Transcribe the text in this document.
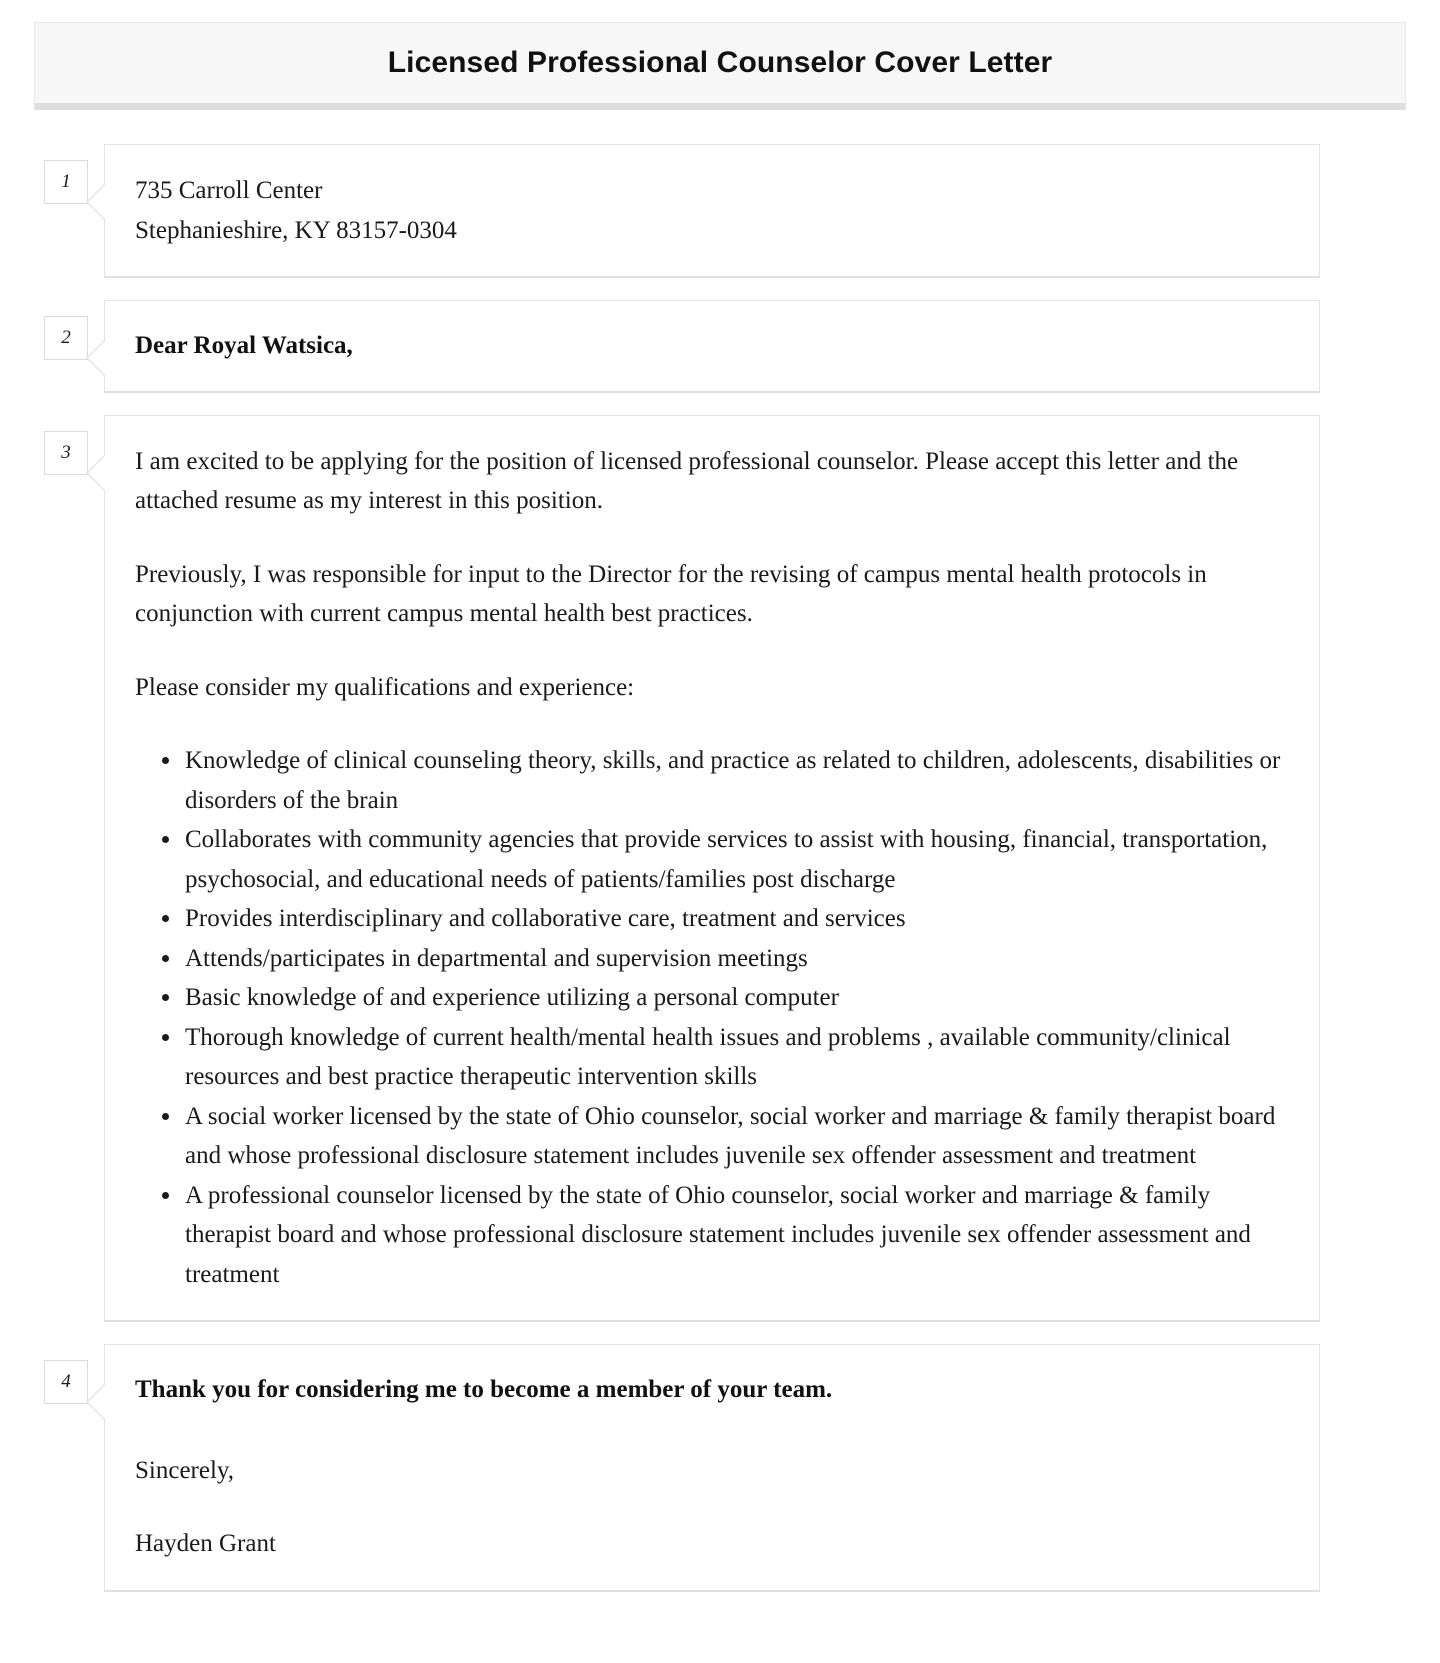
Licensed Professional Counselor Cover Letter
1	735 Carroll Center

Stephanieshire, KY 83157-0304

2	Dear Royal Watsica,

3	I am excited to be applying for the position of licensed professional counselor. Please accept this letter and the attached resume as my interest in this position.

Previously, I was responsible for input to the Director for the revising of campus mental health protocols in conjunction with current campus mental health best practices.

Please consider my qualifications and experience:

• Knowledge of clinical counseling theory, skills, and practice as related to children, adolescents, disabilities or disorders of the brain
• Collaborates with community agencies that provide services to assist with housing, financial, transportation, psychosocial, and educational needs of patients/families post discharge
• Provides interdisciplinary and collaborative care, treatment and services
• Attends/participates in departmental and supervision meetings
• Basic knowledge of and experience utilizing a personal computer
• Thorough knowledge of current health/mental health issues and problems , available community/clinical resources and best practice therapeutic intervention skills
• A social worker licensed by the state of Ohio counselor, social worker and marriage & family therapist board and whose professional disclosure statement includes juvenile sex offender assessment and treatment
• A professional counselor licensed by the state of Ohio counselor, social worker and marriage & family therapist board and whose professional disclosure statement includes juvenile sex offender assessment and treatment
4	Thank you for considering me to become a member of your team.

Sincerely,

Hayden Grant
